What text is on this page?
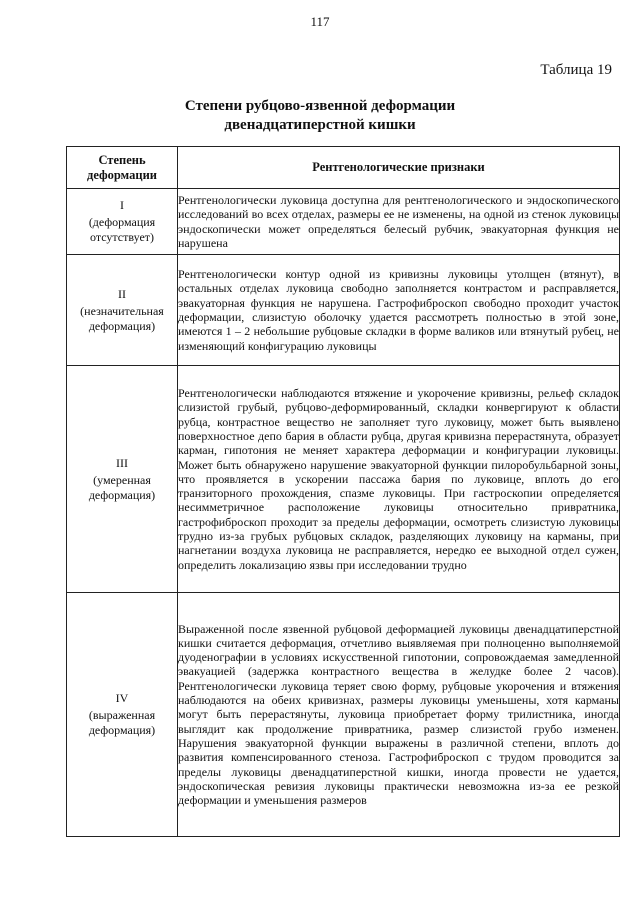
117
Таблица 19
Степени рубцово-язвенной деформации
двенадцатиперстной кишки
Степень деформации	Рентгенологические признаки

I
(деформация отсутствует)	Рентгенологически луковица доступна для рентгенологического и эндоскопического исследований во всех отделах, размеры ее не изменены, на одной из стенок луковицы эндоскопически может определяться белесый рубчик, эвакуаторная функция не нарушена

II
(незначительная деформация)	Рентгенологически контур одной из кривизны луковицы утолщен (втянут), в остальных отделах луковица свободно заполняется контрастом и расправляется, эвакуаторная функция не нарушена. Гастрофиброскоп свободно проходит участок деформации, слизистую оболочку удается рассмотреть полностью в этой зоне, имеются 1 – 2 небольшие рубцовые складки в форме валиков или втянутый рубец, не изменяющий конфигурацию луковицы

III
(умеренная деформация)	Рентгенологически наблюдаются втяжение и укорочение кривизны, рельеф складок слизистой грубый, рубцово-деформированный, складки конвергируют к области рубца, контрастное вещество не заполняет туго луковицу, может быть выявлено поверхностное депо бария в области рубца, другая кривизна перерастянута, образует карман, гипотония не меняет характера деформации и конфигурации луковицы. Может быть обнаружено нарушение эвакуаторной функции пилоробульбарной зоны, что проявляется в ускорении пассажа бария по луковице, вплоть до его транзиторного прохождения, спазме луковицы. При гастроскопии определяется несимметричное расположение луковицы относительно привратника, гастрофиброскоп проходит за пределы деформации, осмотреть слизистую луковицы трудно из-за грубых рубцовых складок, разделяющих луковицу на карманы, при нагнетании воздуха луковица не расправляется, нередко ее выходной отдел сужен, определить локализацию язвы при исследовании трудно

IV
(выраженная деформация)	Выраженной после язвенной рубцовой деформацией луковицы двенадцатиперстной кишки считается деформация, отчетливо выявляемая при полноценно выполняемой дуоденографии в условиях искусственной гипотонии, сопровождаемая замедленной эвакуацией (задержка контрастного вещества в желудке более 2 часов). Рентгенологически луковица теряет свою форму, рубцовые укорочения и втяжения наблюдаются на обеих кривизнах, размеры луковицы уменьшены, хотя карманы могут быть перерастянуты, луковица приобретает форму трилистника, иногда выглядит как продолжение привратника, размер слизистой грубо изменен. Нарушения эвакуаторной функции выражены в различной степени, вплоть до развития компенсированного стеноза. Гастрофиброскоп с трудом проводится за пределы луковицы двенадцатиперстной кишки, иногда провести не удается, эндоскопическая ревизия луковицы практически невозможна из-за ее резкой деформации и уменьшения размеров
